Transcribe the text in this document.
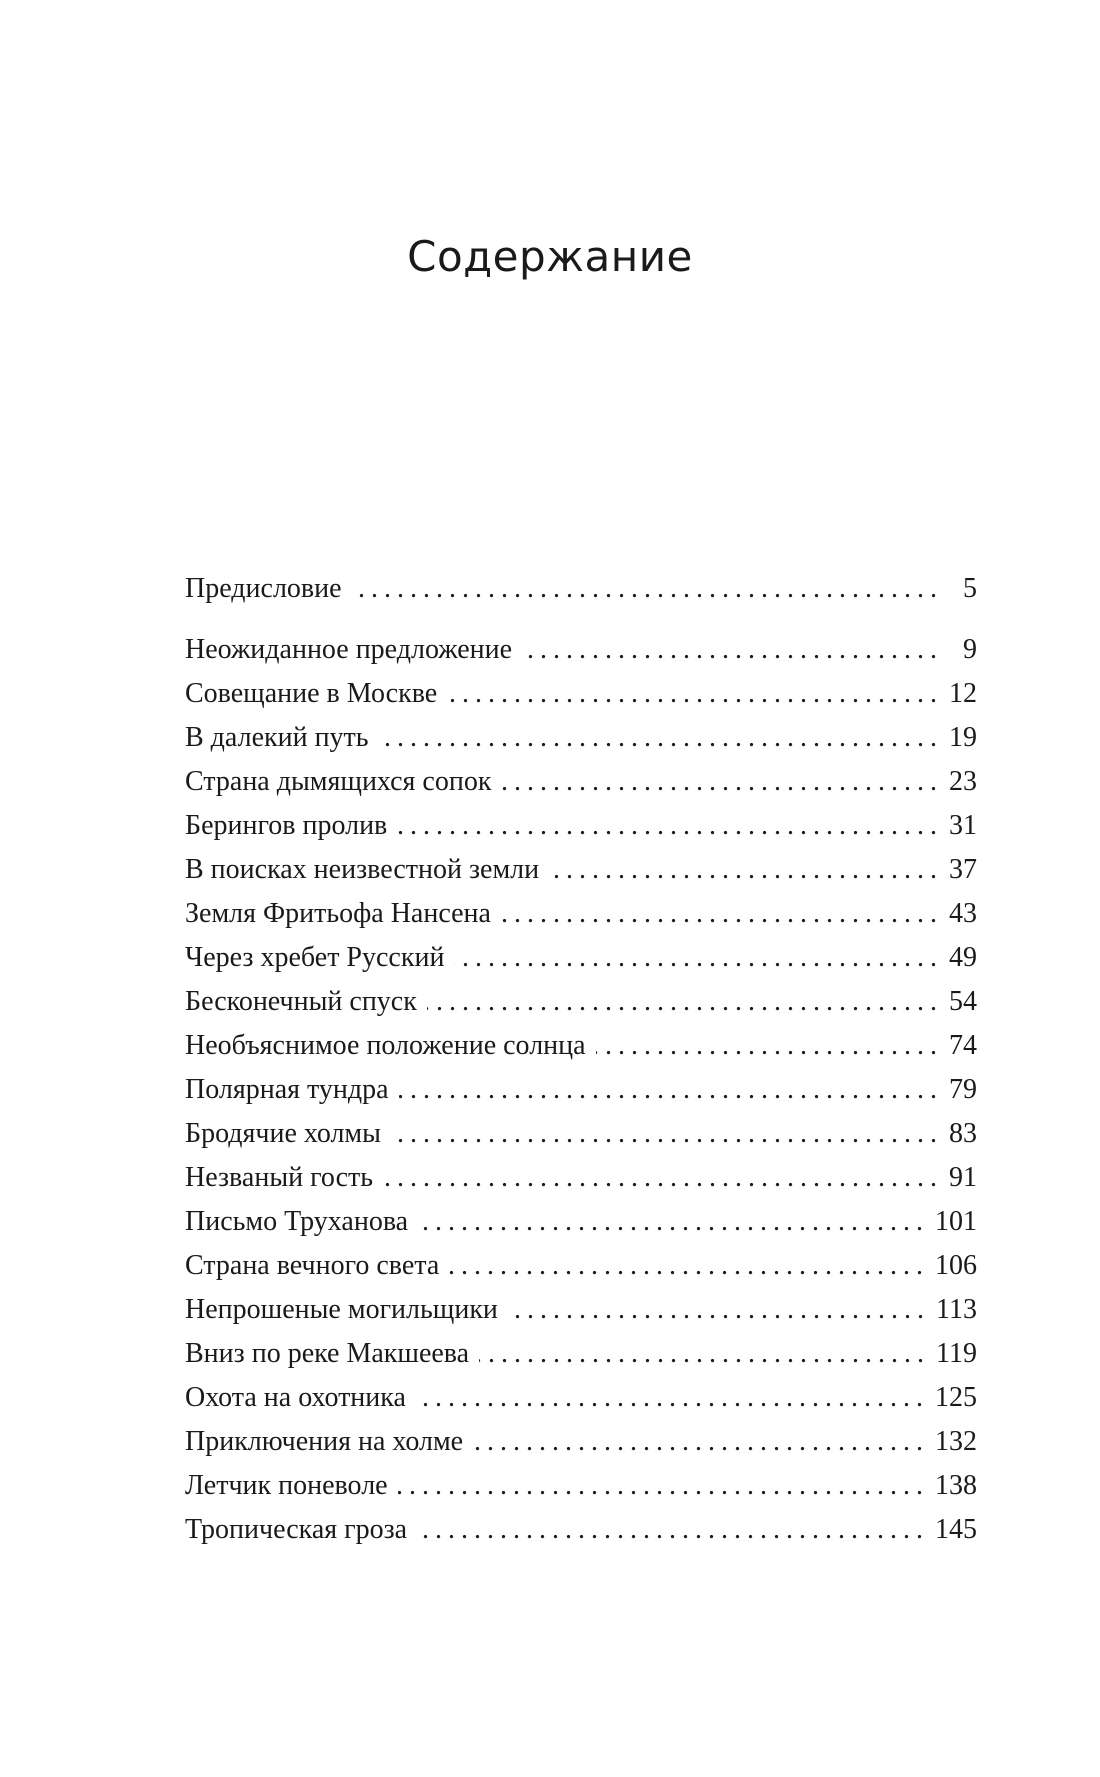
Содержание
Предисловие .....	5
Неожиданное предложение .....	9
Совещание в Москве .....	12
В далекий путь .....	19
Страна дымящихся сопок .....	23
Берингов пролив .....	31
В поисках неизвестной земли .....	37
Земля Фритьофа Нансена .....	43
Через хребет Русский .....	49
Бесконечный спуск .....	54
Необъяснимое положение солнца .....	74
Полярная тундра .....	79
Бродячие холмы .....	83
Незваный гость .....	91
Письмо Труханова .....	101
Страна вечного света .....	106
Непрошеные могильщики .....	113
Вниз по реке Макшеева .....	119
Охота на охотника .....	125
Приключения на холме .....	132
Летчик поневоле .....	138
Тропическая гроза .....	145
